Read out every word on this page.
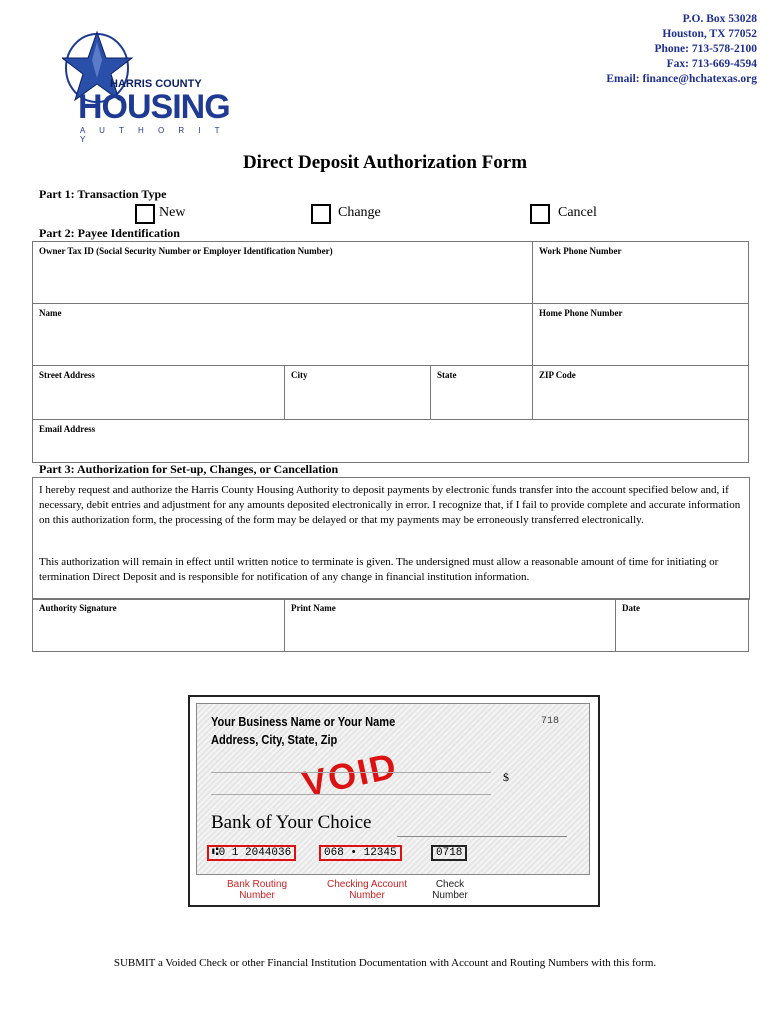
P.O. Box 53028
Houston, TX 77052
Phone: 713-578-2100
Fax: 713-669-4594
Email: finance@hchatexas.org
HARRIS COUNTY
HOUSING
A U T H O R I T Y
Direct Deposit Authorization Form
Part 1: Transaction Type
New	Change	Cancel
Part 2: Payee Identification
Owner Tax ID (Social Security Number or Employer Identification Number)			Work Phone Number
Name			Home Phone Number
Street Address	City	State	ZIP Code
Email Address			
Part 3: Authorization for Set-up, Changes, or Cancellation
I hereby request and authorize the Harris County Housing Authority to deposit payments by electronic funds transfer into the account specified below and, if necessary, debit entries and adjustment for any amounts deposited electronically in error. I recognize that, if I fail to provide complete and accurate information on this authorization form, the processing of the form may be delayed or that my payments may be erroneously transferred electronically.
This authorization will remain in effect until written notice to terminate is given. The undersigned must allow a reasonable amount of time for initiating or termination Direct Deposit and is responsible for notification of any change in financial institution information.
Authority Signature	Print Name	Date
Your Business Name or Your Name
Address, City, State, Zip
718
VOID	$
Bank of Your Choice
⑆0 1 2044036	068 • 12345	0718
Bank Routing Number
Checking Account Number
Check Number
SUBMIT a Voided Check or other Financial Institution Documentation with Account and Routing Numbers with this form.
